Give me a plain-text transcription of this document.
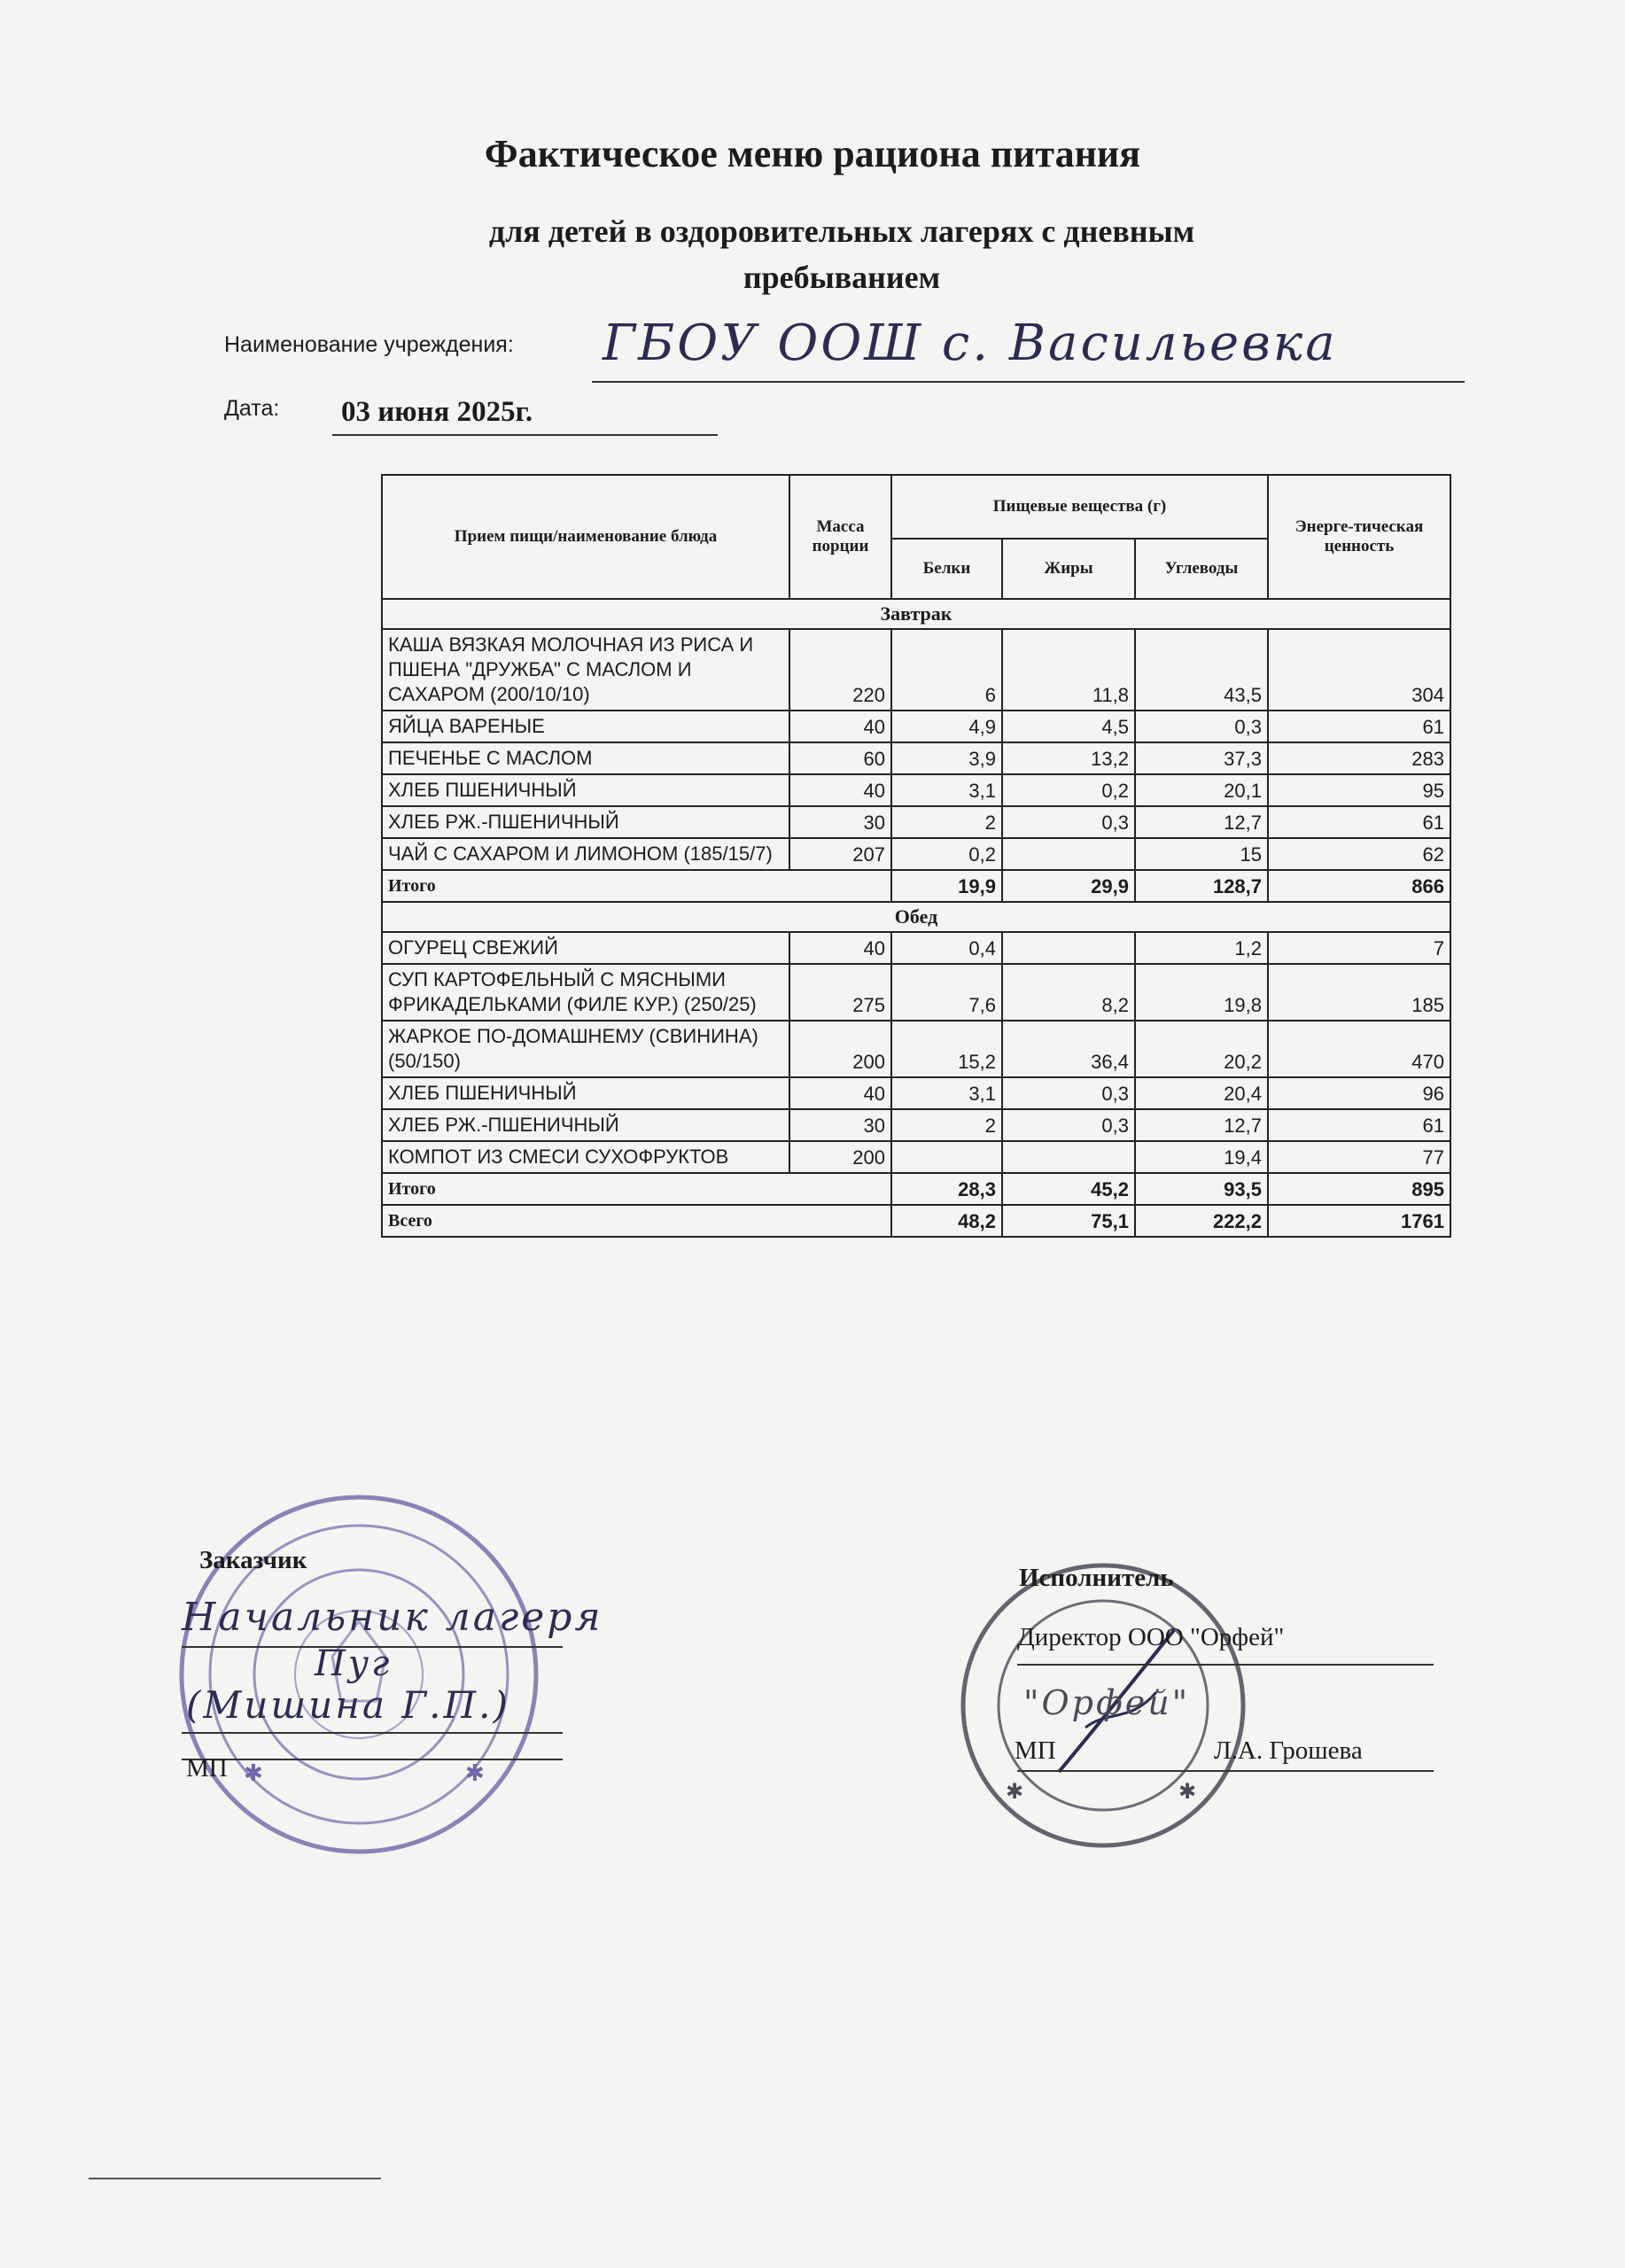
Фактическое меню рациона питания
для детей в оздоровительных лагерях с дневным пребыванием
Наименование учреждения: ГБОУ ООШ с. Васильевка
Дата: 03 июня 2025г.
Прием пищи/наименование блюда	Масса порции	Пищевые вещества (г)			Энерге-тическая ценность
		Белки	Жиры	Углеводы	
Завтрак					
КАША ВЯЗКАЯ МОЛОЧНАЯ ИЗ РИСА И ПШЕНА "ДРУЖБА" С МАСЛОМ И САХАРОМ (200/10/10)	220	6	11,8	43,5	304
ЯЙЦА ВАРЕНЫЕ	40	4,9	4,5	0,3	61
ПЕЧЕНЬЕ С МАСЛОМ	60	3,9	13,2	37,3	283
ХЛЕБ ПШЕНИЧНЫЙ	40	3,1	0,2	20,1	95
ХЛЕБ РЖ.-ПШЕНИЧНЫЙ	30	2	0,3	12,7	61
ЧАЙ С САХАРОМ И ЛИМОНОМ (185/15/7)	207	0,2		15	62
Итого		19,9	29,9	128,7	866
Обед					
ОГУРЕЦ СВЕЖИЙ	40	0,4		1,2	7
СУП КАРТОФЕЛЬНЫЙ С МЯСНЫМИ ФРИКАДЕЛЬКАМИ (ФИЛЕ КУР.) (250/25)	275	7,6	8,2	19,8	185
ЖАРКОЕ ПО-ДОМАШНЕМУ (СВИНИНА) (50/150)	200	15,2	36,4	20,2	470
ХЛЕБ ПШЕНИЧНЫЙ	40	3,1	0,3	20,4	96
ХЛЕБ РЖ.-ПШЕНИЧНЫЙ	30	2	0,3	12,7	61
КОМПОТ ИЗ СМЕСИ СУХОФРУКТОВ	200			19,4	77
Итого		28,3	45,2	93,5	895
Всего		48,2	75,1	222,2	1761
✱
✱
Заказчик
Начальник лагеря
Пуг
(Мишина Г.П.)
МП
✱
✱
"Орфей"
Исполнитель
Директор ООО "Орфей"
МП	Л.А. Грошева
